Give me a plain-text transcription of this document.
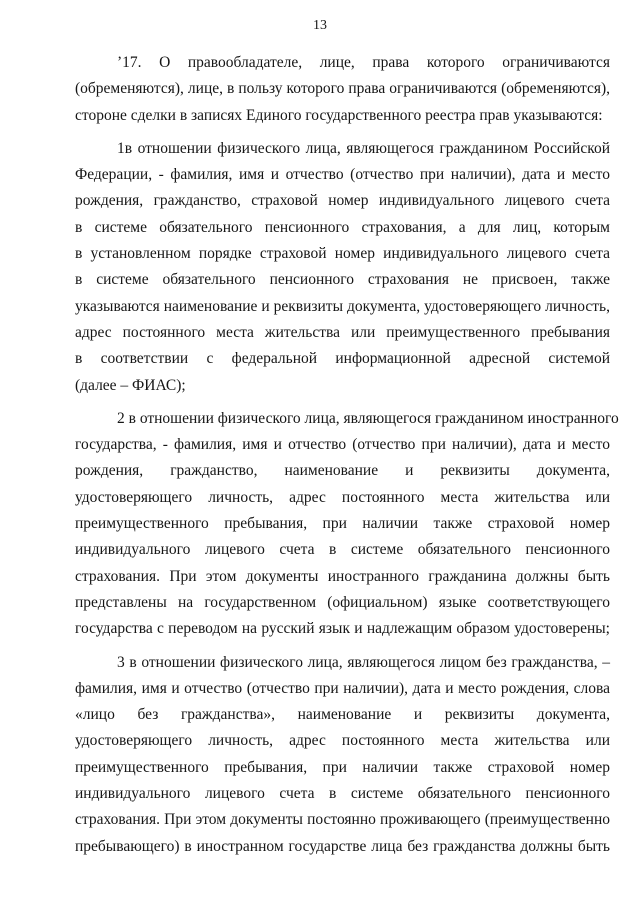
13

’17. О правообладателе, лице, права которого ограничиваются
(обременяются), лице, в пользу которого права ограничиваются (обременяются),
стороне сделки в записях Единого государственного реестра прав указываются:

1в отношении физического лица, являющегося гражданином Российской
Федерации, - фамилия, имя и отчество (отчество при наличии), дата и место
рождения, гражданство, страховой номер индивидуального лицевого счета
в системе обязательного пенсионного страхования, а для лиц, которым
в установленном порядке страховой номер индивидуального лицевого счета
в системе обязательного пенсионного страхования не присвоен, также
указываются наименование и реквизиты документа, удостоверяющего личность,
адрес постоянного места жительства или преимущественного пребывания
в соответствии с федеральной информационной адресной системой
(далее – ФИАС);

2 в отношении физического лица, являющегося гражданином иностранного
государства, - фамилия, имя и отчество (отчество при наличии), дата и место
рождения, гражданство, наименование и реквизиты документа,
удостоверяющего личность, адрес постоянного места жительства или
преимущественного пребывания, при наличии также страховой номер
индивидуального лицевого счета в системе обязательного пенсионного
страхования. При этом документы иностранного гражданина должны быть
представлены на государственном (официальном) языке соответствующего
государства с переводом на русский язык и надлежащим образом удостоверены;

3 в отношении физического лица, являющегося лицом без гражданства, –
фамилия, имя и отчество (отчество при наличии), дата и место рождения, слова
«лицо без гражданства», наименование и реквизиты документа,
удостоверяющего личность, адрес постоянного места жительства или
преимущественного пребывания, при наличии также страховой номер
индивидуального лицевого счета в системе обязательного пенсионного
страхования. При этом документы постоянно проживающего (преимущественно
пребывающего) в иностранном государстве лица без гражданства должны быть
